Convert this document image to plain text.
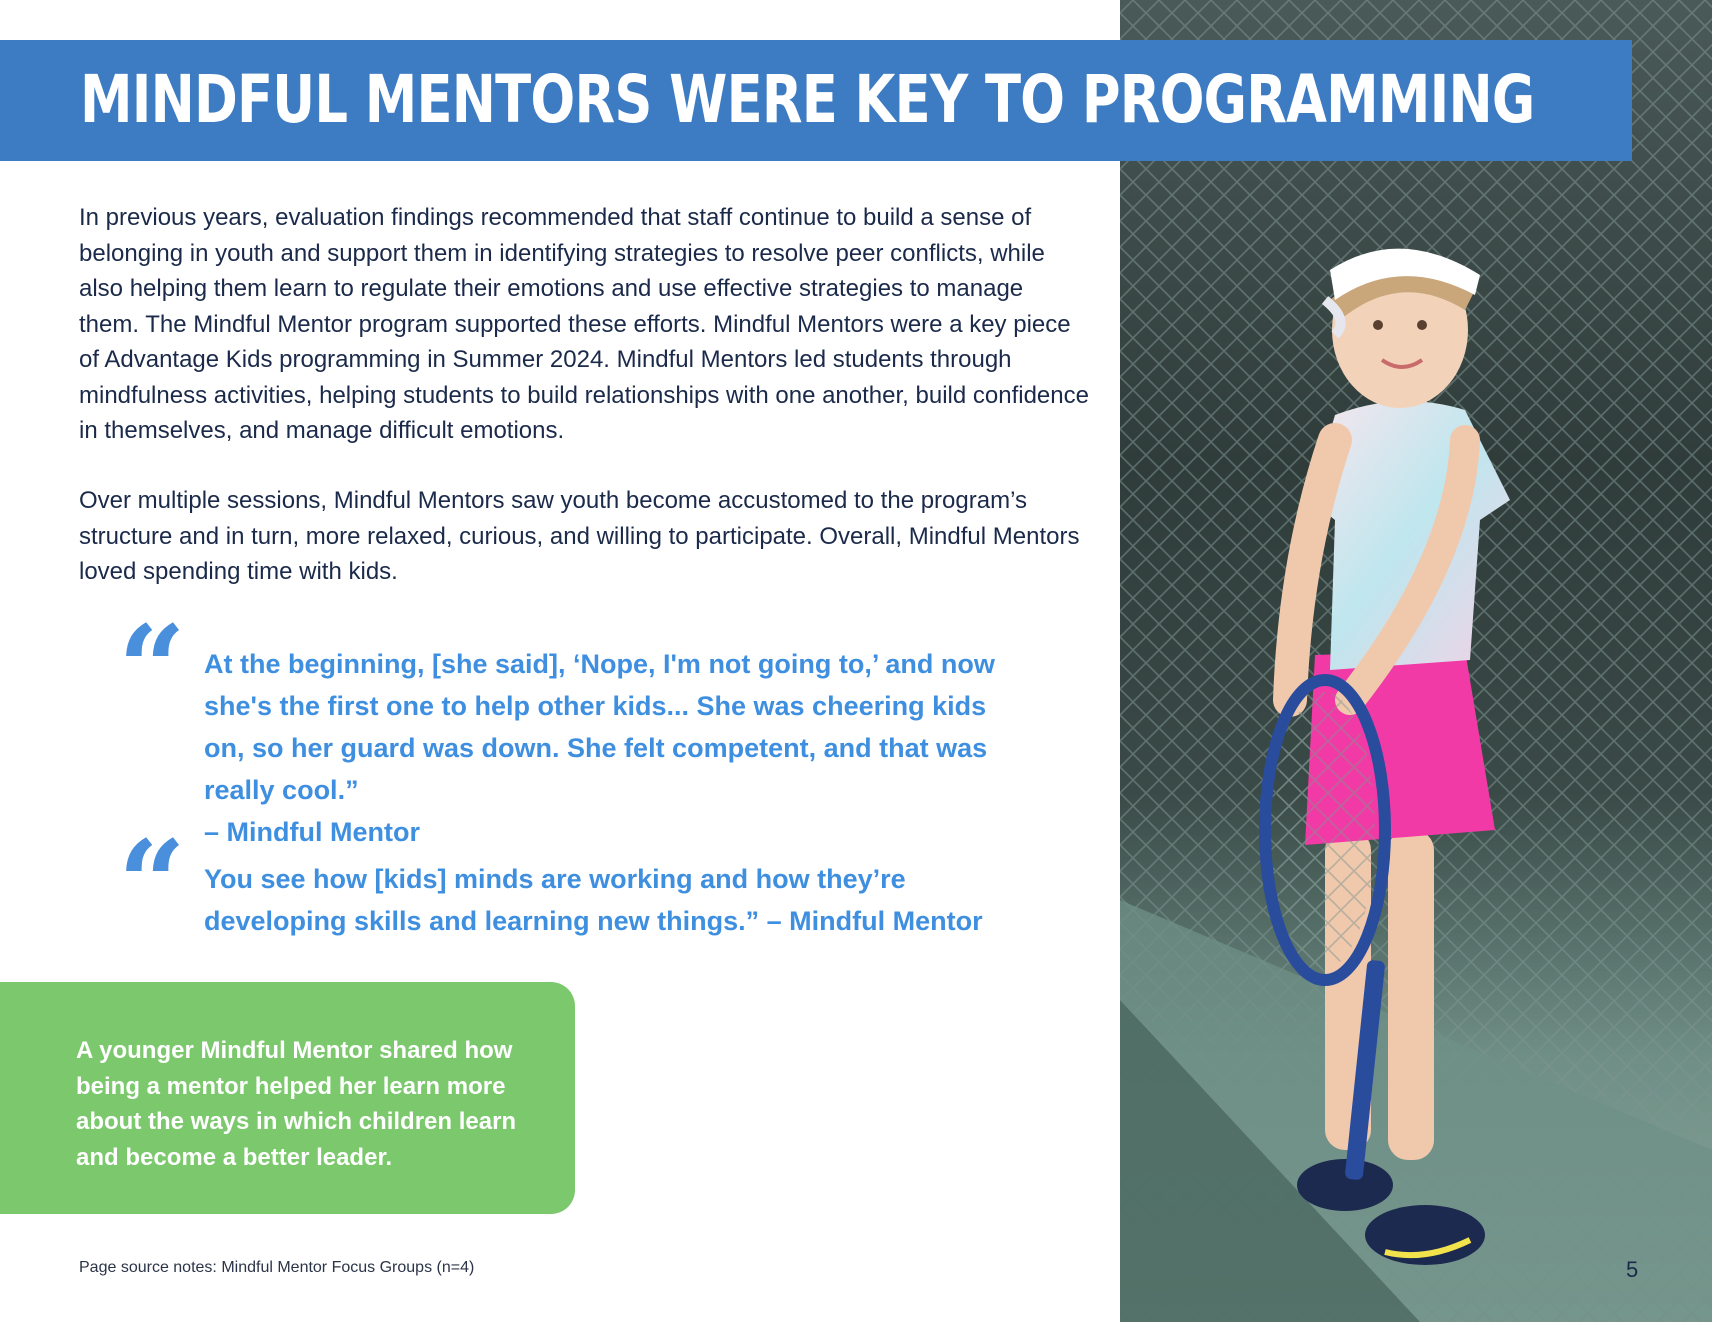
MINDFUL MENTORS WERE KEY TO PROGRAMMING

In previous years, evaluation findings recommended that staff continue to build a sense of belonging in youth and support them in identifying strategies to resolve peer conflicts, while also helping them learn to regulate their emotions and use effective strategies to manage them. The Mindful Mentor program supported these efforts. Mindful Mentors were a key piece of Advantage Kids programming in Summer 2024. Mindful Mentors led students through mindfulness activities, helping students to build relationships with one another, build confidence in themselves, and manage difficult emotions.

Over multiple sessions, Mindful Mentors saw youth become accustomed to the program’s structure and in turn, more relaxed, curious, and willing to participate. Overall, Mindful Mentors loved spending time with kids.

“ At the beginning, [she said], ‘Nope, I'm not going to,’ and now she's the first one to help other kids... She was cheering kids on, so her guard was down. She felt competent, and that was really cool.”
– Mindful Mentor
“ You see how [kids] minds are working and how they’re developing skills and learning new things.” – Mindful Mentor

A younger Mindful Mentor shared how being a mentor helped her learn more about the ways in which children learn and become a better leader.

Page source notes: Mindful Mentor Focus Groups (n=4)	5
